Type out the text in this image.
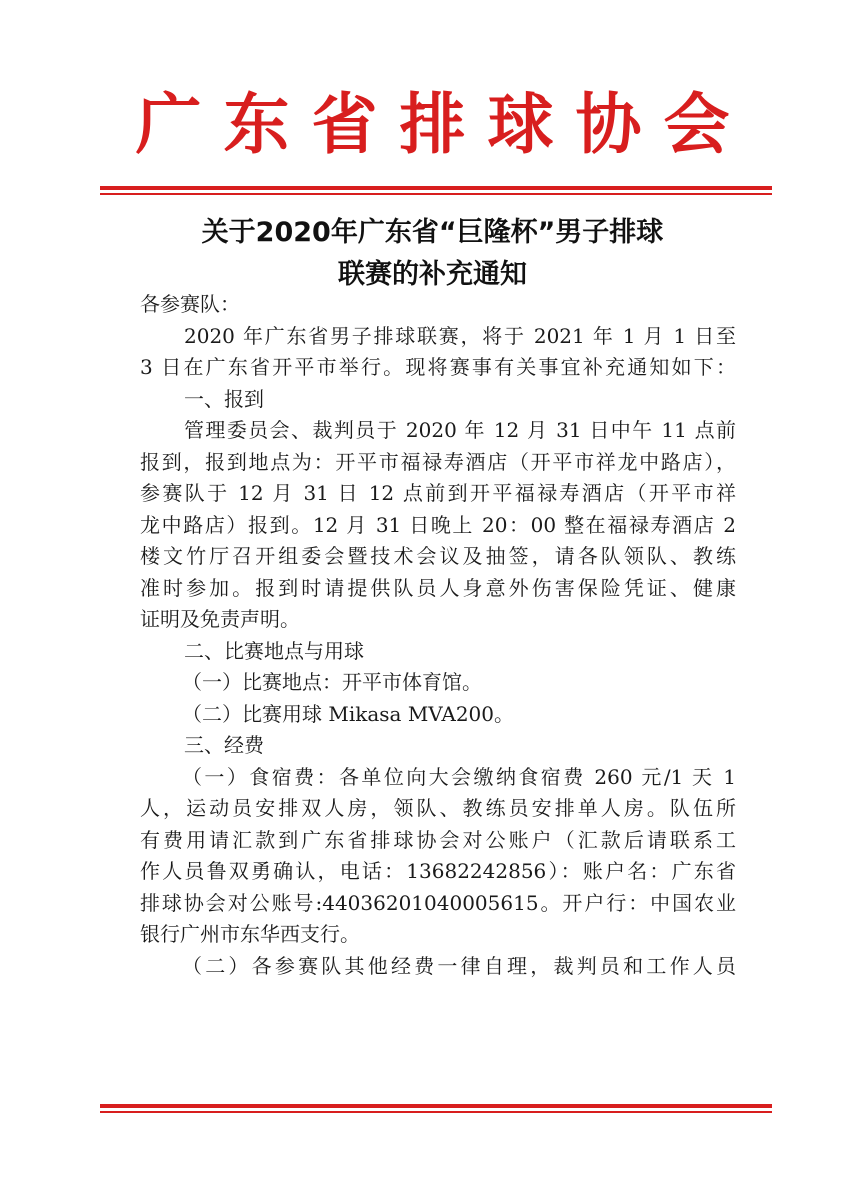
广东省排球协会
关于2020年广东省“巨隆杯”男子排球
联赛的补充通知
各参赛队：
2020 年广东省男子排球联赛，将于 2021 年 1 月 1 日至
3 日在广东省开平市举行。现将赛事有关事宜补充通知如下：
一、报到
管理委员会、裁判员于 2020 年 12 月 31 日中午 11 点前
报到，报到地点为：开平市福禄寿酒店（开平市祥龙中路店），
参赛队于 12 月 31 日 12 点前到开平福禄寿酒店（开平市祥
龙中路店）报到。12 月 31 日晚上 20：00 整在福禄寿酒店 2
楼文竹厅召开组委会暨技术会议及抽签，请各队领队、教练
准时参加。报到时请提供队员人身意外伤害保险凭证、健康
证明及免责声明。
二、比赛地点与用球
（一）比赛地点：开平市体育馆。
（二）比赛用球 Mikasa MVA200。
三、经费
（一）食宿费：各单位向大会缴纳食宿费 260 元/1 天 1
人，运动员安排双人房，领队、教练员安排单人房。队伍所
有费用请汇款到广东省排球协会对公账户（汇款后请联系工
作人员鲁双勇确认，电话：13682242856）：账户名：广东省
排球协会对公账号:44036201040005615。开户行：中国农业
银行广州市东华西支行。
（二）各参赛队其他经费一律自理，裁判员和工作人员
